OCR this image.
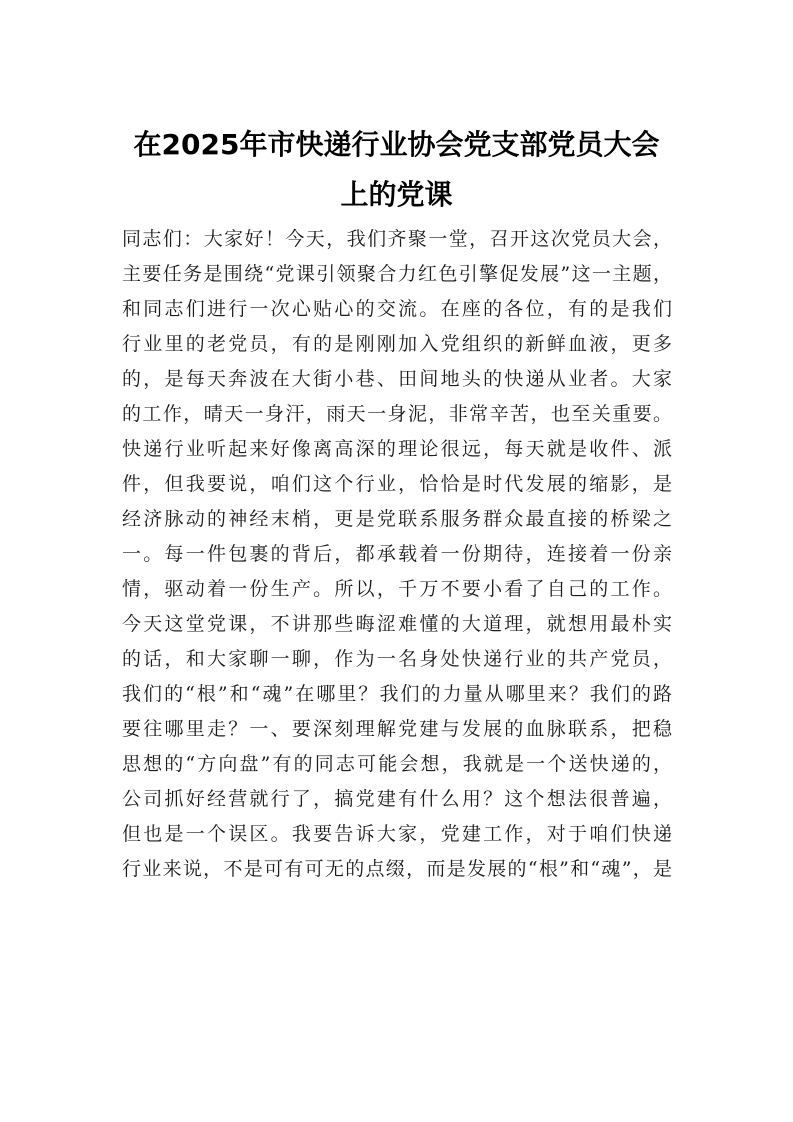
在2025年市快递行业协会党支部党员大会
上的党课
同志们：大家好！今天，我们齐聚一堂，召开这次党员大会，
主要任务是围绕“党课引领聚合力红色引擎促发展”这一主题，
和同志们进行一次心贴心的交流。在座的各位，有的是我们
行业里的老党员，有的是刚刚加入党组织的新鲜血液，更多
的，是每天奔波在大街小巷、田间地头的快递从业者。大家
的工作，晴天一身汗，雨天一身泥，非常辛苦，也至关重要。
快递行业听起来好像离高深的理论很远，每天就是收件、派
件，但我要说，咱们这个行业，恰恰是时代发展的缩影，是
经济脉动的神经末梢，更是党联系服务群众最直接的桥梁之
一。每一件包裹的背后，都承载着一份期待，连接着一份亲
情，驱动着一份生产。所以，千万不要小看了自己的工作。
今天这堂党课，不讲那些晦涩难懂的大道理，就想用最朴实
的话，和大家聊一聊，作为一名身处快递行业的共产党员，
我们的“根”和“魂”在哪里？我们的力量从哪里来？我们的路
要往哪里走？一、要深刻理解党建与发展的血脉联系，把稳
思想的“方向盘”有的同志可能会想，我就是一个送快递的，
公司抓好经营就行了，搞党建有什么用？这个想法很普遍，
但也是一个误区。我要告诉大家，党建工作，对于咱们快递
行业来说，不是可有可无的点缀，而是发展的“根”和“魂”，是
